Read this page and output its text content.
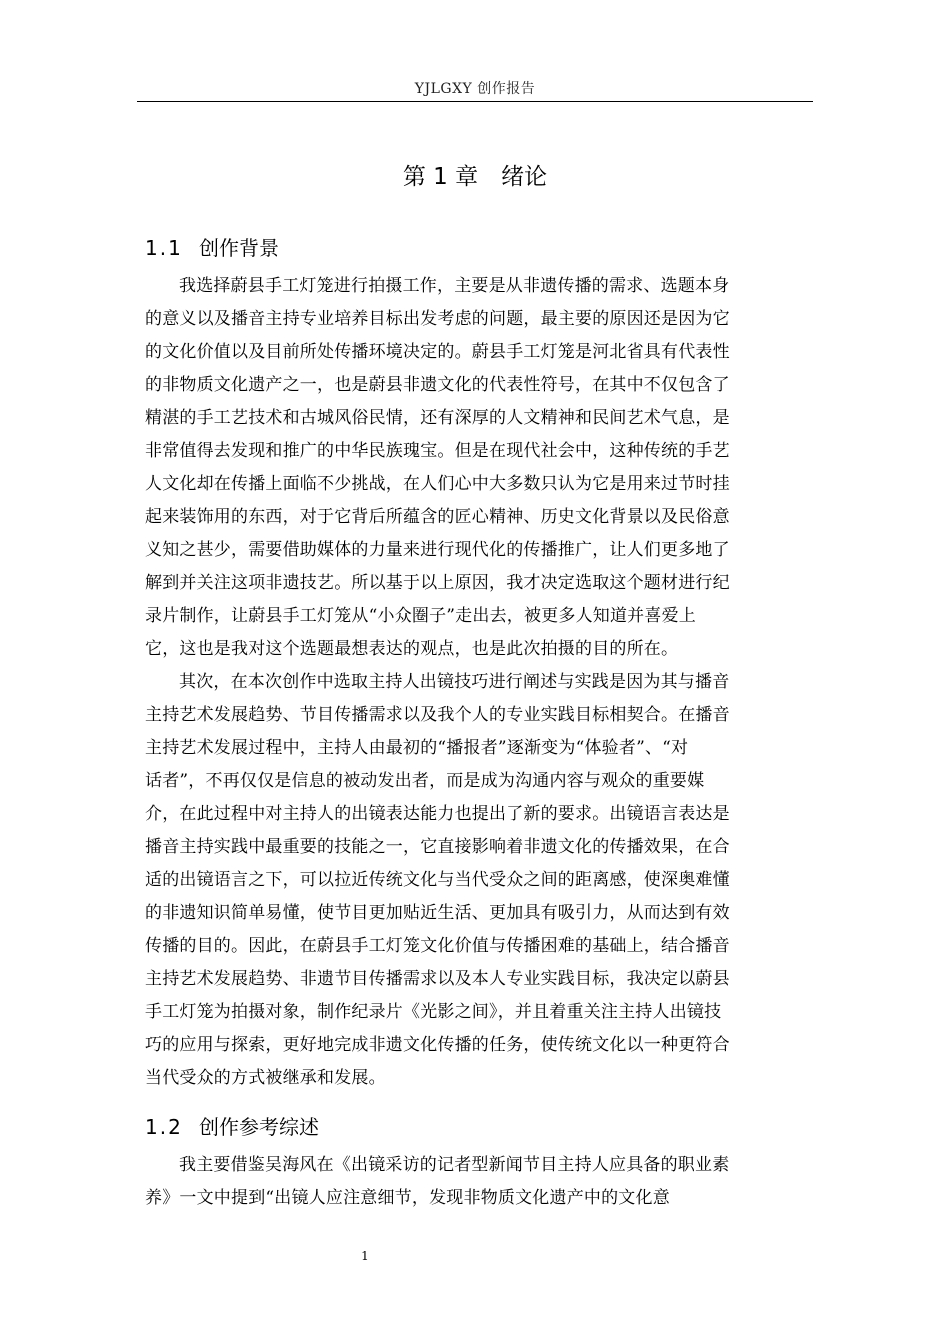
YJLGXY 创作报告
第 1 章　绪论
1.1 创作背景
我选择蔚县手工灯笼进行拍摄工作，主要是从非遗传播的需求、选题本身
的意义以及播音主持专业培养目标出发考虑的问题，最主要的原因还是因为它
的文化价值以及目前所处传播环境决定的。蔚县手工灯笼是河北省具有代表性
的非物质文化遗产之一，也是蔚县非遗文化的代表性符号，在其中不仅包含了
精湛的手工艺技术和古城风俗民情，还有深厚的人文精神和民间艺术气息，是
非常值得去发现和推广的中华民族瑰宝。但是在现代社会中，这种传统的手艺
人文化却在传播上面临不少挑战，在人们心中大多数只认为它是用来过节时挂
起来装饰用的东西，对于它背后所蕴含的匠心精神、历史文化背景以及民俗意
义知之甚少，需要借助媒体的力量来进行现代化的传播推广，让人们更多地了
解到并关注这项非遗技艺。所以基于以上原因，我才决定选取这个题材进行纪
录片制作，让蔚县手工灯笼从“小众圈子”走出去，被更多人知道并喜爱上
它，这也是我对这个选题最想表达的观点，也是此次拍摄的目的所在。
其次，在本次创作中选取主持人出镜技巧进行阐述与实践是因为其与播音
主持艺术发展趋势、节目传播需求以及我个人的专业实践目标相契合。在播音
主持艺术发展过程中，主持人由最初的“播报者”逐渐变为“体验者”、“对
话者”，不再仅仅是信息的被动发出者，而是成为沟通内容与观众的重要媒
介，在此过程中对主持人的出镜表达能力也提出了新的要求。出镜语言表达是
播音主持实践中最重要的技能之一，它直接影响着非遗文化的传播效果，在合
适的出镜语言之下，可以拉近传统文化与当代受众之间的距离感，使深奥难懂
的非遗知识简单易懂，使节目更加贴近生活、更加具有吸引力，从而达到有效
传播的目的。因此，在蔚县手工灯笼文化价值与传播困难的基础上，结合播音
主持艺术发展趋势、非遗节目传播需求以及本人专业实践目标，我决定以蔚县
手工灯笼为拍摄对象，制作纪录片《光影之间》，并且着重关注主持人出镜技
巧的应用与探索，更好地完成非遗文化传播的任务，使传统文化以一种更符合
当代受众的方式被继承和发展。
1.2 创作参考综述
我主要借鉴吴海风在《出镜采访的记者型新闻节目主持人应具备的职业素
养》一文中提到“出镜人应注意细节，发现非物质文化遗产中的文化意
1
